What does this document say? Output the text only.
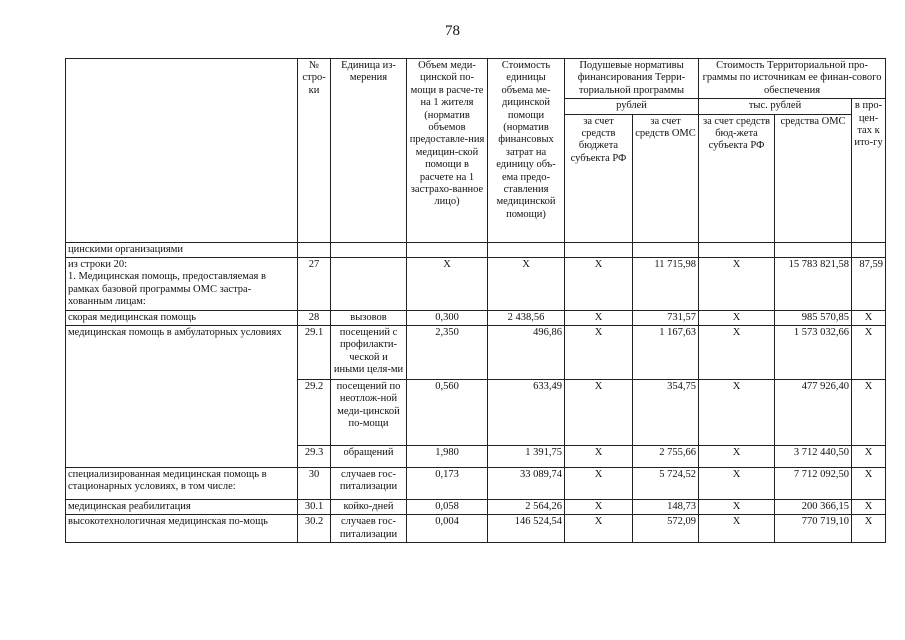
78
	№ стро-ки	Единица из-мерения	Объем меди-цинской по-мощи в расче-те на 1 жителя (норматив объемов предоставле-ния медицин-ской помощи в расчете на 1 застрахо-ванное лицо)	Стоимость единицы объема ме-дицинской помощи (норматив финансовых затрат на единицу объ-ема предо-ставления медицинской помощи)	Подушевые нормативы финансирования Терри-ториальной программы		Стоимость Территориальной про-граммы по источникам ее финан-сового обеспечения		
					рублей		тыс. рублей		в про-цен-тах к ито-гу
					за счет средств бюджета субъекта РФ	за счет средств ОМС	за счет средств бюд-жета субъекта РФ	средства ОМС	
цинскими организациями									
из строки 20:
1. Медицинская помощь, предоставляемая в рамках базовой программы ОМС застра-хованным лицам:	27		Х	Х	Х	11 715,98	Х	15 783 821,58	87,59
скорая медицинская помощь	28	вызовов	0,300	2 438,56	Х	731,57	Х	985 570,85	Х
медицинская помощь в амбулаторных условиях	29.1	посещений с профилакти-ческой и иными целя-ми	2,350	496,86	Х	1 167,63	Х	1 573 032,66	Х
	29.2	посещений по неотлож-ной меди-цинской по-мощи	0,560	633,49	Х	354,75	Х	477 926,40	Х
	29.3	обращений	1,980	1 391,75	Х	2 755,66	Х	3 712 440,50	Х
специализированная медицинская помощь в стационарных условиях, в том числе:	30	случаев гос-питализации	0,173	33 089,74	Х	5 724,52	Х	7 712 092,50	Х
медицинская реабилитация	30.1	койко-дней	0,058	2 564,26	Х	148,73	Х	200 366,15	Х
высокотехнологичная медицинская по-мощь	30.2	случаев гос-питализации	0,004	146 524,54	Х	572,09	Х	770 719,10	Х
